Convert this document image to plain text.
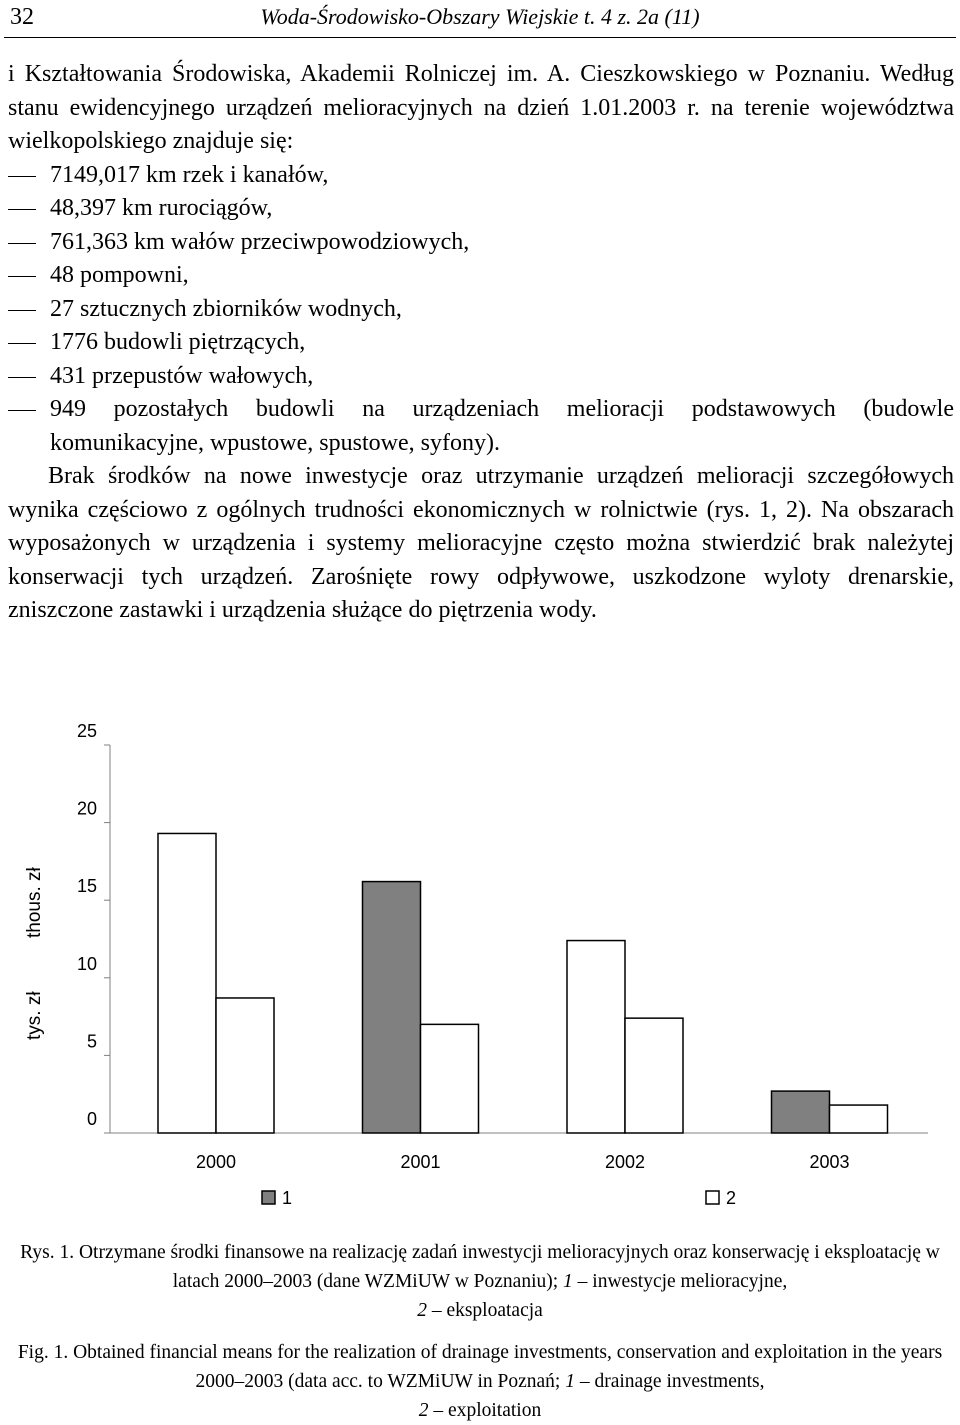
32	Woda-Środowisko-Obszary Wiejskie t. 4 z. 2a (11)

i Kształtowania Środowiska, Akademii Rolniczej im. A. Cieszkowskiego w Poznaniu. Według stanu ewidencyjnego urządzeń melioracyjnych na dzień 1.01.2003 r. na terenie województwa wielkopolskiego znajduje się:

7149,017 km rzek i kanałów,
48,397 km rurociągów,
761,363 km wałów przeciwpowodziowych,
48 pompowni,
27 sztucznych zbiorników wodnych,
1776 budowli piętrzących,
431 przepustów wałowych,
949 pozostałych budowli na urządzeniach melioracji podstawowych (budowle komunikacyjne, wpustowe, spustowe, syfony).

Brak środków na nowe inwestycje oraz utrzymanie urządzeń melioracji szczegółowych wynika częściowo z ogólnych trudności ekonomicznych w rolnictwie (rys. 1, 2). Na obszarach wyposażonych w urządzenia i systemy melioracyjne często można stwierdzić brak należytej konserwacji tych urządzeń. Zarośnięte rowy odpływowe, uszkodzone wyloty drenarskie, zniszczone zastawki i urządzenia służące do piętrzenia wody.

0
5
10
15
20
25
2000	2001	2002	2003
1	2
tys. zł
thous. zł
Rys. 1. Otrzymane środki finansowe na realizację zadań inwestycji melioracyjnych oraz konserwację i eksploatację w latach 2000–2003 (dane WZMiUW w Poznaniu); 1 – inwestycje melioracyjne,
2 – eksploatacja
Fig. 1. Obtained financial means for the realization of drainage investments, conservation and exploitation in the years 2000–2003 (data acc. to WZMiUW in Poznań; 1 – drainage investments,
2 – exploitation
